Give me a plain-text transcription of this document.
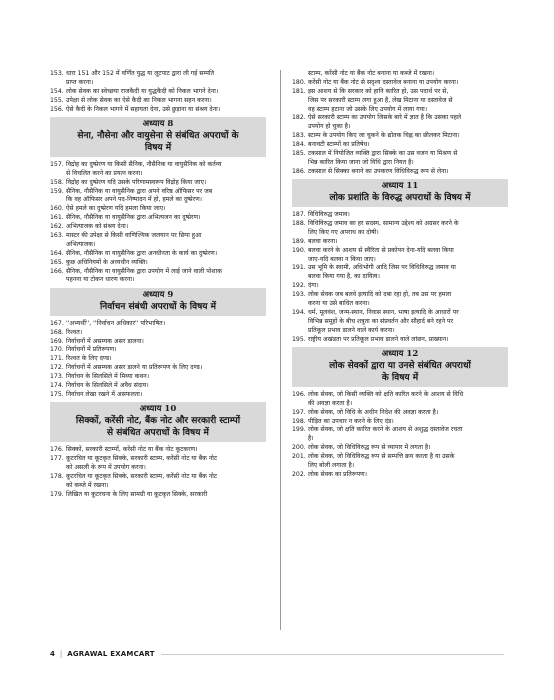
153. धारा 151 और 152 में वर्णित युद्ध या लूटपाट द्वारा ली गई सम्पति
प्राप्त करना।
154. लोक सेवक का स्वेच्छया राजकैदी या युद्धकैदी को निकल भागने देना।
155. उपेक्षा से लोक सेवक का ऐसे कैदी का निकल भागना सहन करना।
156. ऐसे कैदी के निकल भागने में सहायता देना, उसे छुड़ाना या संश्रय देना।
अध्याय 8
सेना, नौसेना और वायुसेना से संबंधित अपराधों के
विषय में
157. विद्रोह का दुष्प्रेरण या किसी सैनिक, नौसैनिक या वायुसैनिक को कर्तव्य
से विचलित करने का प्रयत्न करना।
158. विद्रोह का दुष्प्रेरण यदि उसके परिणामस्वरूप विद्रोह किया जाए।
159. सैनिक, नौसैनिक या वायुसैनिक द्वारा अपने वरिष्ठ ऑफिसर पर जब
कि वह ऑफिसर अपने पद-निष्पादन में हो, हमले का दुष्प्रेरण।
160. ऐसे हमले का दुष्प्रेरण यदि हमला किया जाए।
161. सैनिक, नौसैनिक या वायुसैनिक द्वारा अभित्यजन का दुष्प्रेरण।
162. अभित्याजक को संश्रय देना।
163. मास्टर की उपेक्षा से किसी वाणिज्यिक जलयान पर छिपा हुआ
अभित्याजक।
164. सैनिक, नौसैनिक या वायुसैनिक द्वारा अनधीनता के कार्य का दुष्प्रेरण।
165. कुछ अधिनियमों के अध्यधीन व्यक्ति।
166. सैनिक, नौसैनिक या वायुसैनिक द्वारा उपयोग में लाई जाने वाली पोशाक
पहनना या टोकन धारण करना।
अध्याय 9
निर्वाचन संबंधी अपराधों के विषय में
167. ''अभ्यर्थी'', ''निर्वाचन अधिकार'' परिभाषित।
168. रिश्वत।
169. निर्वाचनों में असम्यक असर डालना।
170. निर्वाचनों में प्रतिरूपण।
171. रिश्वत के लिए दण्ड।
172. निर्वाचनों में असम्यक असर डालने या प्रतिरूपण के लिए दण्ड।
173. निर्वाचन के सिलसिले में मिथ्या कथन।
174. निर्वाचन के सिलसिले में अवैध संदाय।
175. निर्वाचन लेखा रखने में असफलता।
अध्याय 10
सिक्कों, करेंसी नोट, बैंक नोट और सरकारी स्टाम्पों
से संबंधित अपराधों के विषय में
176. सिक्कों, सरकारी स्टाम्पों, करेंसी नोट या बैंक नोट कूटकरण।
177. कूटरचित या कूटकृत सिक्के, सरकारी स्टाम्प, करेंसी नोट या बैंक नोट
को असली के रूप में उपयोग करना।
178. कूटरचित या कूटकृत सिक्के, सरकारी स्टाम्प, करेंसी नोट या बैंक नोट
को कब्जे में रखना।
179. लिखित या कूटरचना के लिए सामग्री या कूटकृत सिक्के, सरकारी
स्टाम्प, करेंसी नोट या बैंक नोट बनाना या कब्जे में रखना।
180. करेंसी नोट या बैंक नोट से सदृश्य दस्तावेज बनाना या उपयोग करना।
181. इस आशय से कि सरकार को हानि कारित हो, उस पदार्थ पर से,
जिस पर सरकारी स्टाम्प लगा हुआ है, लेख मिटाना या दस्तावेज से
वह स्टाम्प हटाना जो उसके लिए उपयोग में लाया गया।
182. ऐसे सरकारी स्टाम्प का उपयोग जिसके बारे में ज्ञात है कि उसका पहले
उपयोग हो चुका है।
183. स्टाम्प के उपयोग किए जा चुकने के द्योतक चिह्न का छीलकर मिटाना।
184. बनावटी स्टाम्पों का प्रतिषेध।
185. टकसाल में नियोजित व्यक्ति द्वारा सिक्के का उस वजन या मिश्रण से
भिन्न कारित किया जाना जो विधि द्वारा नियत है।
186. टकसाल से सिक्का बनाने का उपकरण विधिविरुद्ध रूप से लेना।
अध्याय 11
लोक प्रशांति के विरुद्ध अपराधों के विषय में
187. विधिविरुद्ध जमाव।
188. विधिविरुद्ध जमाव का हर सदस्य, सामान्य उद्देश्य को अग्रसर करने के
लिए किए गए अपराध का दोषी।
189. बलवा करना।
190. बलवा करने के आशय से स्वैरिता से प्रकोपन देना-यदि बलवा किया
जाए-यदि बलवा न किया जाए।
191. उस भूमि के स्वामी, अधिभोगी आदि जिस पर विधिविरुद्ध जमाव या
बलवा किया गया है, का दायित्व।
192. दंगा।
193. लोक सेवक जब बलवे इत्यादि को दबा रहा हो, तब उस पर हमला
करना या उसे बाधित करना।
194. धर्म, मूलवंश, जन्म-स्थान, निवास स्थान, भाषा इत्यादि के आधारों पर
विभिन्न समूहों के बीच शत्रुता का संप्रवर्तन और सौहार्द बने रहने पर
प्रतिकूल प्रभाव डालने वाले कार्य करना।
195. राष्ट्रीय अखंडता पर प्रतिकूल प्रभाव डालने वाले लांछन, प्राख्यान।
अध्याय 12
लोक सेवकों द्वारा या उनसे संबंधित अपराधों
के विषय में
196. लोक सेवक, जो किसी व्यक्ति को क्षति कारित करने के आशय से विधि
की अवज्ञा करता है।
197. लोक सेवक, जो विधि के अधीन निदेश की अवज्ञा करता है।
198. पीड़ित का उपचार न करने के लिए दंड।
199. लोक सेवक, जो क्षति कारित करने के आशय से अशुद्ध दस्तावेज रचता
है।
200. लोक सेवक, जो विधिविरुद्ध रूप से व्यापार में लगता है।
201. लोक सेवक, जो विधिविरुद्ध रूप से सम्पत्ति क्रय करता है या उसके
लिए बोली लगाता है।
202. लोक सेवक का प्रतिरूपण।
4 | AGRAWAL EXAMCART
